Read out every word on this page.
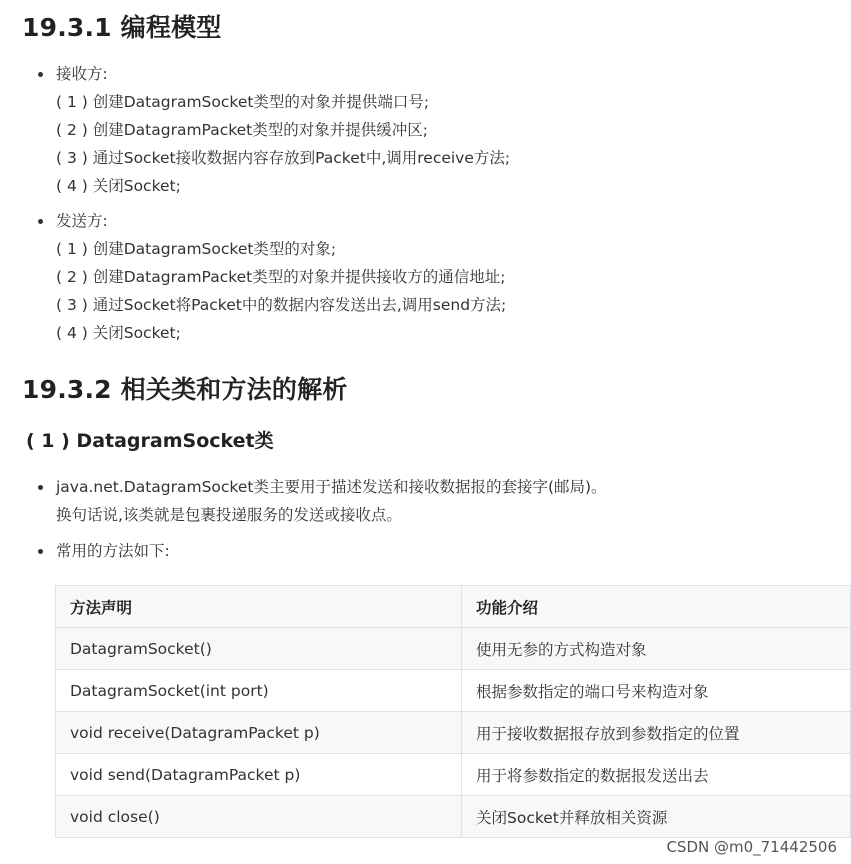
19.3.1 编程模型
接收方:
( 1 ) 创建DatagramSocket类型的对象并提供端口号;
( 2 ) 创建DatagramPacket类型的对象并提供缓冲区;
( 3 ) 通过Socket接收数据内容存放到Packet中,调用receive方法;
( 4 ) 关闭Socket;
发送方:
( 1 ) 创建DatagramSocket类型的对象;
( 2 ) 创建DatagramPacket类型的对象并提供接收方的通信地址;
( 3 ) 通过Socket将Packet中的数据内容发送出去,调用send方法;
( 4 ) 关闭Socket;
19.3.2 相关类和方法的解析
( 1 ) DatagramSocket类
java.net.DatagramSocket类主要用于描述发送和接收数据报的套接字(邮局)。
换句话说,该类就是包裹投递服务的发送或接收点。
常用的方法如下:
方法声明	功能介绍
DatagramSocket()	使用无参的方式构造对象
DatagramSocket(int port)	根据参数指定的端口号来构造对象
void receive(DatagramPacket p)	用于接收数据报存放到参数指定的位置
void send(DatagramPacket p)	用于将参数指定的数据报发送出去
void close()	关闭Socket并释放相关资源
CSDN @m0_71442506
